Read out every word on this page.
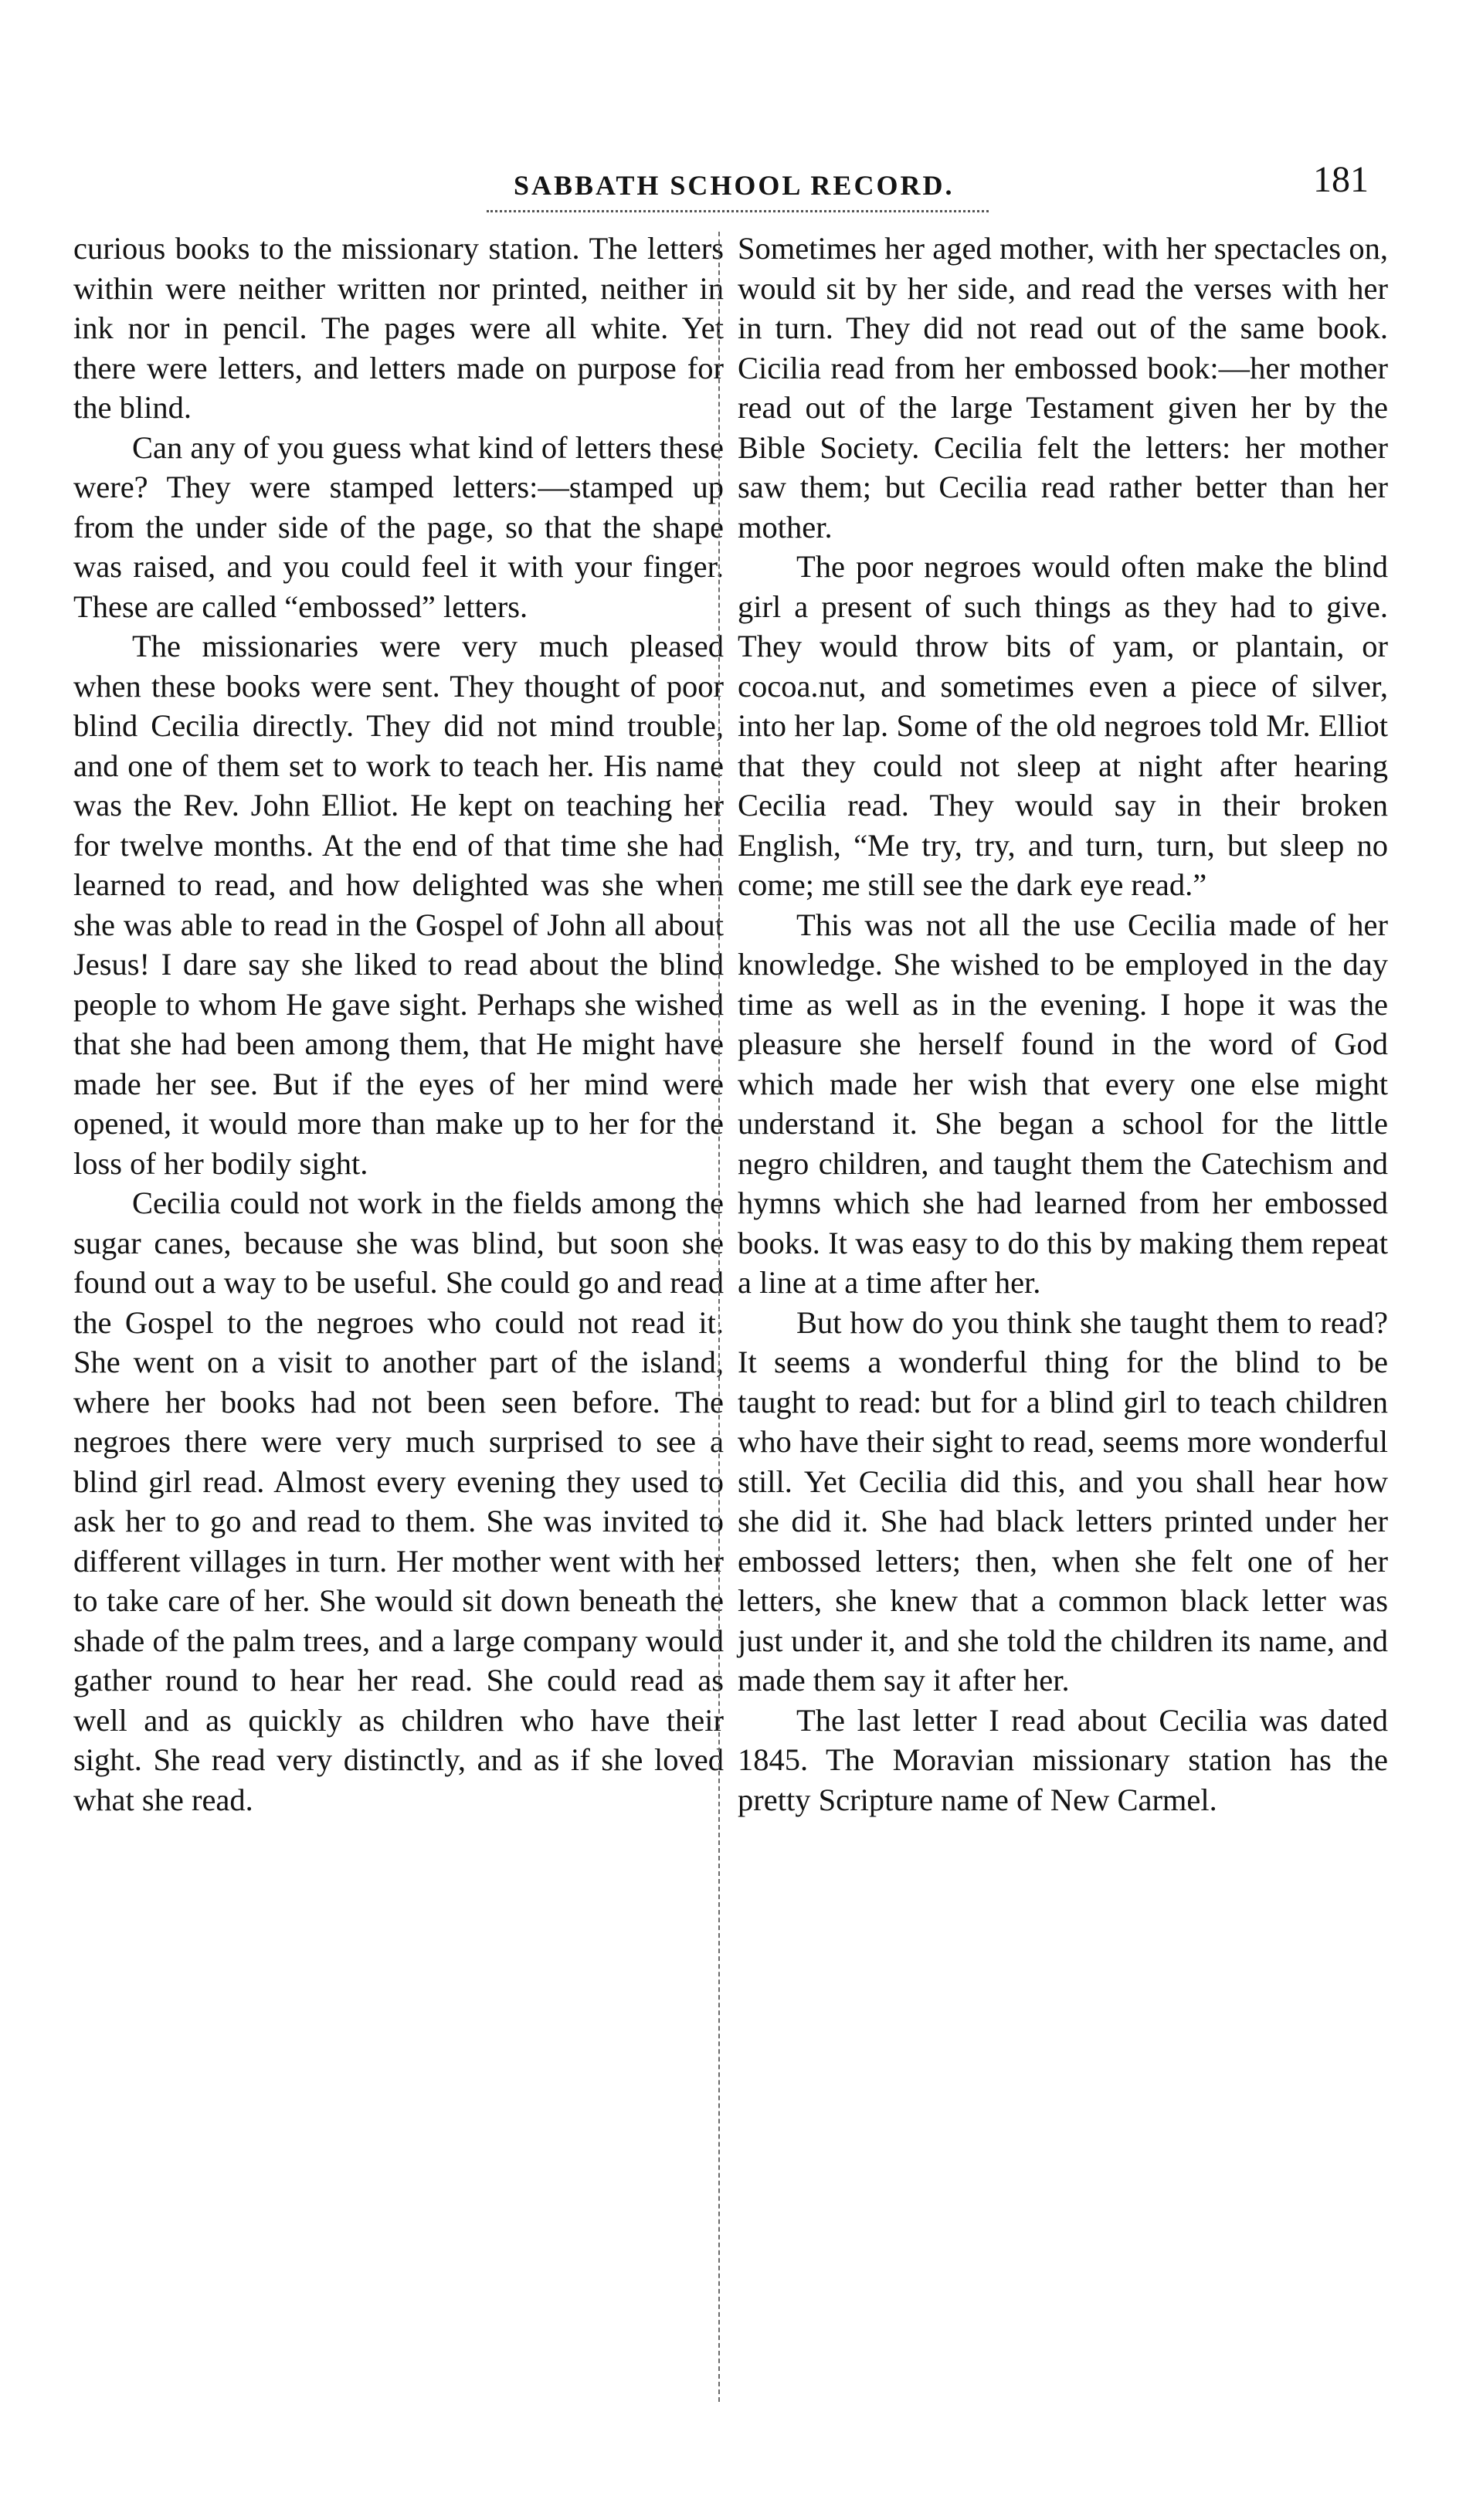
SABBATH SCHOOL RECORD.	181

curious books to the missionary station. The letters within were neither written nor printed, neither in ink nor in pencil. The pages were all white. Yet there were letters, and letters made on purpose for the blind.

Can any of you guess what kind of letters these were? They were stamped letters:—stamped up from the under side of the page, so that the shape was raised, and you could feel it with your finger. These are called “embossed” letters.

The missionaries were very much pleased when these books were sent. They thought of poor blind Cecilia directly. They did not mind trouble, and one of them set to work to teach her. His name was the Rev. John Elliot. He kept on teaching her for twelve months. At the end of that time she had learned to read, and how delighted was she when she was able to read in the Gospel of John all about Jesus! I dare say she liked to read about the blind people to whom He gave sight. Perhaps she wished that she had been among them, that He might have made her see. But if the eyes of her mind were opened, it would more than make up to her for the loss of her bodily sight.

Cecilia could not work in the fields among the sugar canes, because she was blind, but soon she found out a way to be useful. She could go and read the Gospel to the negroes who could not read it. She went on a visit to another part of the island, where her books had not been seen before. The negroes there were very much surprised to see a blind girl read. Almost every evening they used to ask her to go and read to them. She was invited to different villages in turn. Her mother went with her to take care of her. She would sit down beneath the shade of the palm trees, and a large company would gather round to hear her read. She could read as well and as quickly as children who have their sight. She read very distinctly, and as if she loved what she read.

Sometimes her aged mother, with her spectacles on, would sit by her side, and read the verses with her in turn. They did not read out of the same book. Cicilia read from her embossed book:—her mother read out of the large Testament given her by the Bible Society. Cecilia felt the letters: her mother saw them; but Cecilia read rather better than her mother.

The poor negroes would often make the blind girl a present of such things as they had to give. They would throw bits of yam, or plantain, or cocoa.nut, and sometimes even a piece of silver, into her lap. Some of the old negroes told Mr. Elliot that they could not sleep at night after hearing Cecilia read. They would say in their broken English, “Me try, try, and turn, turn, but sleep no come; me still see the dark eye read.”

This was not all the use Cecilia made of her knowledge. She wished to be employed in the day time as well as in the evening. I hope it was the pleasure she herself found in the word of God which made her wish that every one else might understand it. She began a school for the little negro children, and taught them the Catechism and hymns which she had learned from her embossed books. It was easy to do this by making them repeat a line at a time after her.

But how do you think she taught them to read? It seems a wonderful thing for the blind to be taught to read: but for a blind girl to teach children who have their sight to read, seems more wonderful still. Yet Cecilia did this, and you shall hear how she did it. She had black letters printed under her embossed letters; then, when she felt one of her letters, she knew that a common black letter was just under it, and she told the children its name, and made them say it after her.

The last letter I read about Cecilia was dated 1845. The Moravian missionary station has the pretty Scripture name of New Carmel.
